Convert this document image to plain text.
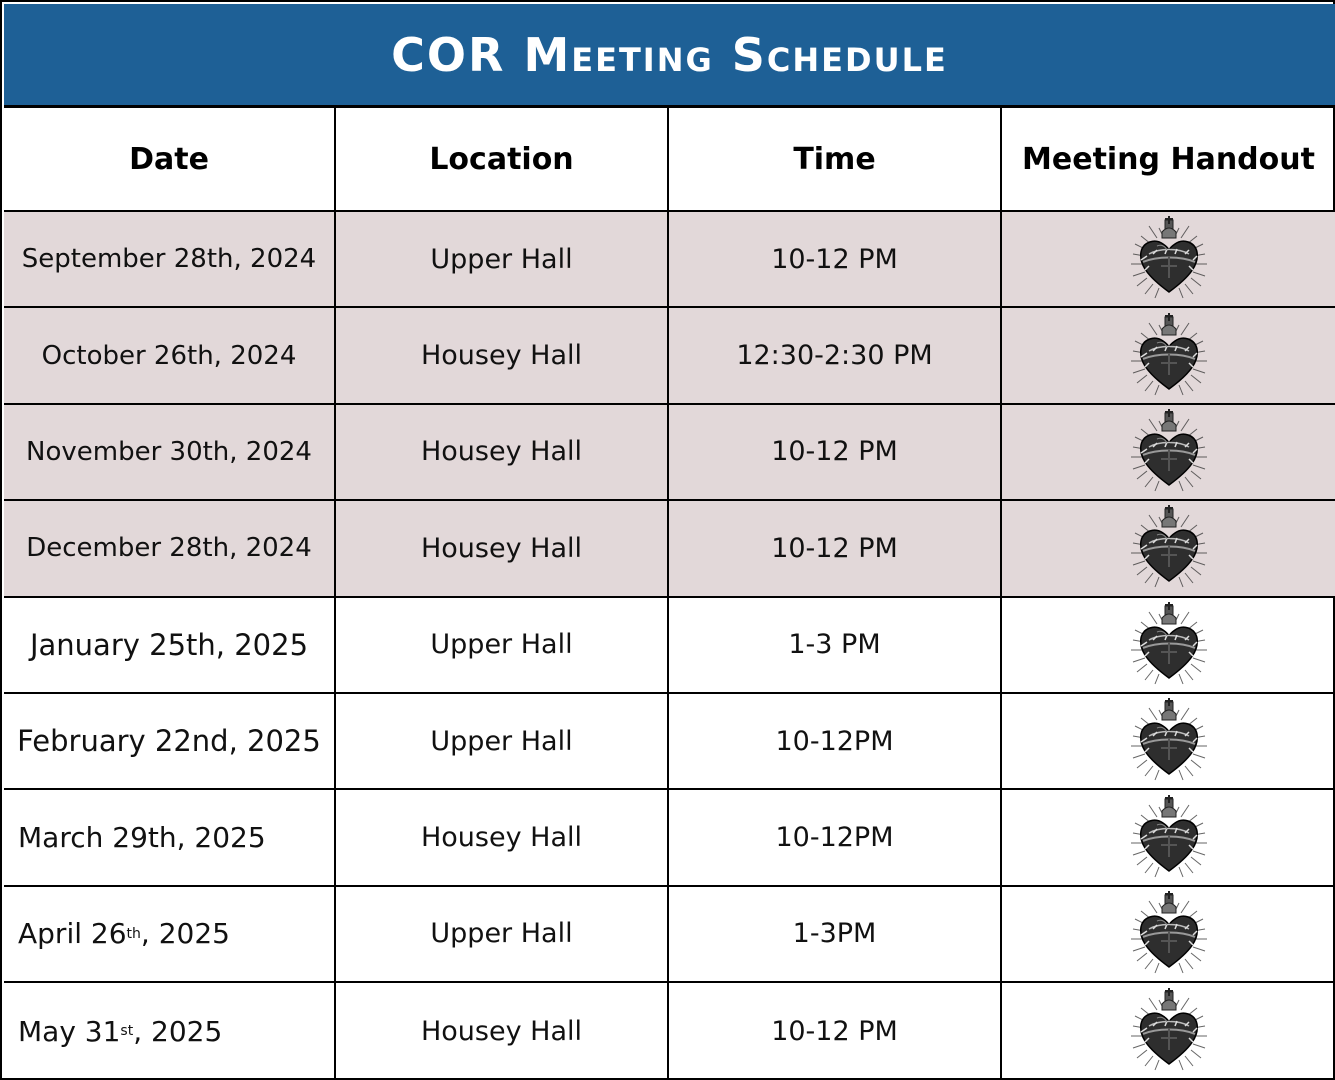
COR Meeting Schedule
Date	Location	Time	Meeting Handout
September 28th, 2024	Upper Hall	10-12 PM
October 26th, 2024	Housey Hall	12:30-2:30 PM
November 30th, 2024	Housey Hall	10-12 PM
December 28th, 2024	Housey Hall	10-12 PM
January 25th, 2025	Upper Hall	1-3 PM
February 22nd, 2025	Upper Hall	10-12PM
March 29th, 2025	Housey Hall	10-12PM
April 26 th , 2025	Upper Hall	1-3PM
May 31 st , 2025	Housey Hall	10-12 PM
